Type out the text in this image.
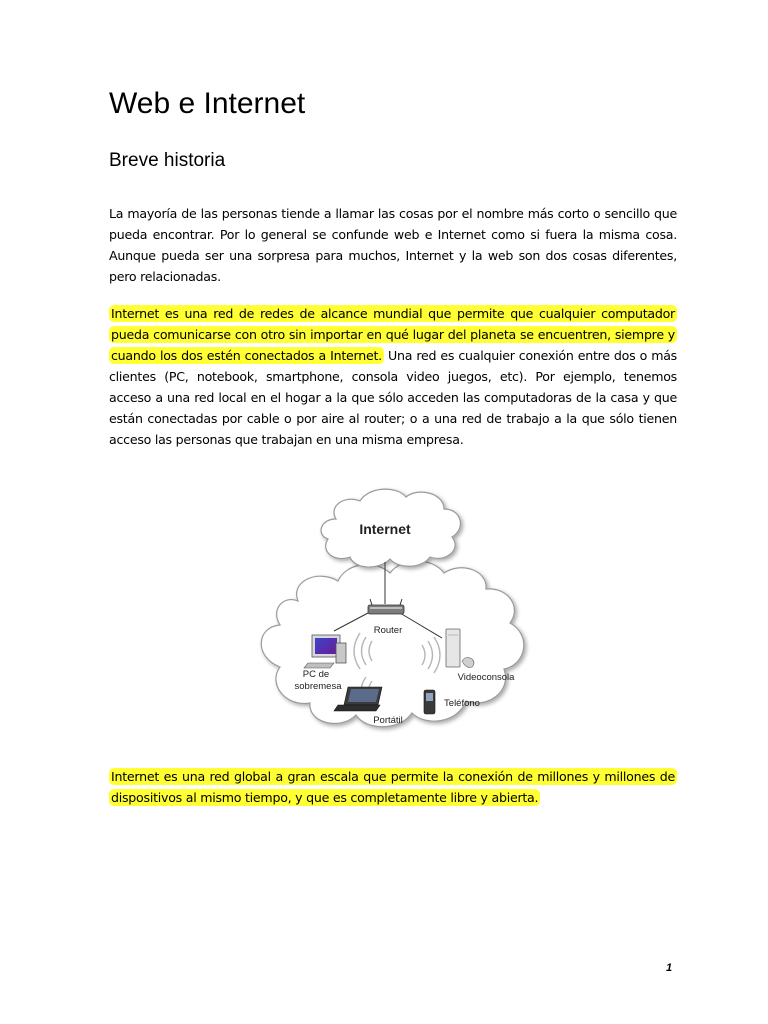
Web e Internet
Breve historia

La mayoría de las personas tiende a llamar las cosas por el nombre más corto o sencillo que pueda encontrar. Por lo general se confunde web e Internet como si fuera la misma cosa. Aunque pueda ser una sorpresa para muchos, Internet y la web son dos cosas diferentes, pero relacionadas.

Internet es una red de redes de alcance mundial que permite que cualquier computador pueda comunicarse con otro sin importar en qué lugar del planeta se encuentren, siempre y cuando los dos estén conectados a Internet. Una red es cualquier conexión entre dos o más clientes (PC, notebook, smartphone, consola video juegos, etc). Por ejemplo, tenemos acceso a una red local en el hogar a la que sólo acceden las computadoras de la casa y que están conectadas por cable o por aire al router; o a una red de trabajo a la que sólo tienen acceso las personas que trabajan en una misma empresa.

Internet
Router
PC de
sobremesa
Videoconsola
Teléfono
Portátil

Internet es una red global a gran escala que permite la conexión de millones y millones de dispositivos al mismo tiempo, y que es completamente libre y abierta.

1
